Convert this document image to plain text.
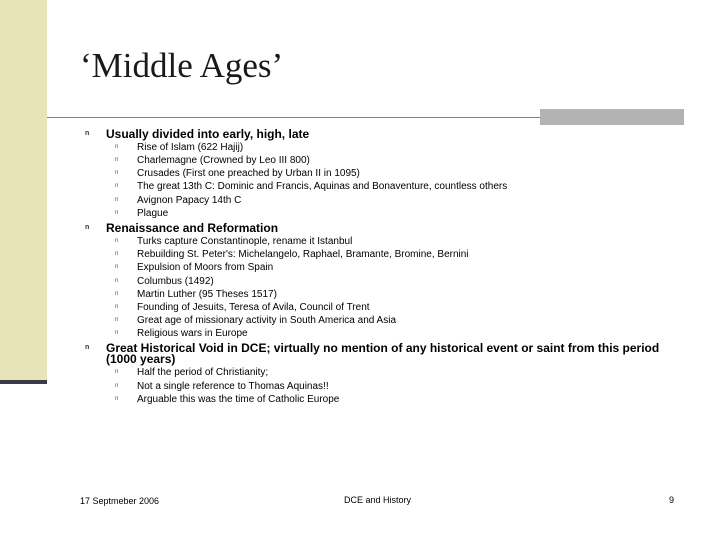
‘Middle Ages’
n Usually divided into early, high, late
n Rise of Islam (622 Hajij)
n Charlemagne (Crowned by Leo III 800)
n Crusades (First one preached by Urban II in 1095)
n The great 13th C: Dominic and Francis, Aquinas and Bonaventure, countless others
n Avignon Papacy 14th C
n Plague
n Renaissance and Reformation
n Turks capture Constantinople, rename it Istanbul
n Rebuilding St. Peter's: Michelangelo, Raphael, Bramante, Bromine, Bernini
n Expulsion of Moors from Spain
n Columbus (1492)
n Martin Luther (95 Theses 1517)
n Founding of Jesuits, Teresa of Avila, Council of Trent
n Great age of missionary activity in South America and Asia
n Religious wars in Europe
n Great Historical Void in DCE; virtually no mention of any historical event or saint from this period
(1000 years)
n Half the period of Christianity;
n Not a single reference to Thomas Aquinas!!
n Arguable this was the time of Catholic Europe
17 Septmeber 2006	DCE and History	9
